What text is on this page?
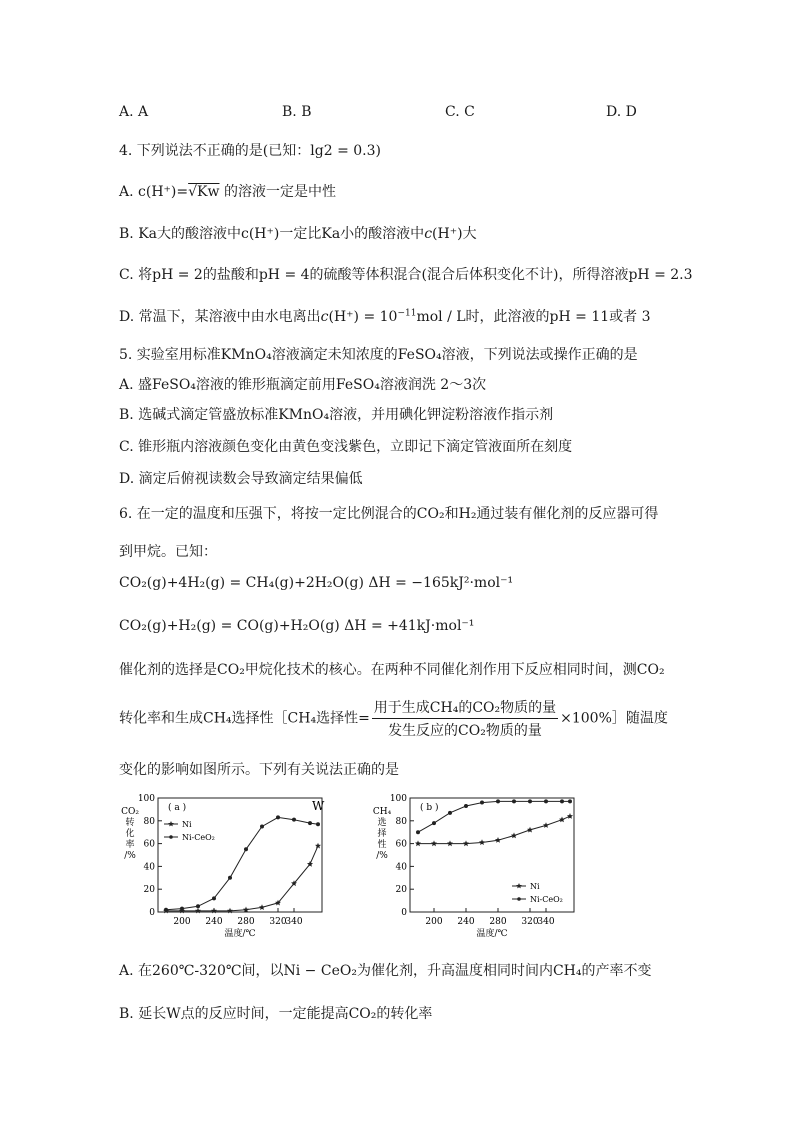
A. A	B. B	C. C	D. D
4. 下列说法不正确的是(已知：lg2 = 0.3)
A. c(H⁺)=√Kw 的溶液一定是中性
B. Ka大的酸溶液中c(H⁺)一定比Ka小的酸溶液中c(H⁺)大
C. 将pH = 2的盐酸和pH = 4的硫酸等体积混合(混合后体积变化不计)，所得溶液pH = 2.3
D. 常温下，某溶液中由水电离出$c(H^+) = 10^{-11}mol / L$时，此溶液的pH = 11或者 3
5. 实验室用标准KMnO₄溶液滴定未知浓度的FeSO₄溶液，下列说法或操作正确的是
A. 盛FeSO₄溶液的锥形瓶滴定前用FeSO₄溶液润洗 2～3次
B. 选碱式滴定管盛放标准KMnO₄溶液，并用碘化钾淀粉溶液作指示剂
C. 锥形瓶内溶液颜色变化由黄色变浅紫色，立即记下滴定管液面所在刻度
D. 滴定后俯视读数会导致滴定结果偏低
6. 在一定的温度和压强下，将按一定比例混合的CO₂和H₂通过装有催化剂的反应器可得
到甲烷。已知：
CO₂(g)+4H₂(g) = CH₄(g)+2H₂O(g) ΔH = −165kJ²·mol⁻¹
CO₂(g)+H₂(g) = CO(g)+H₂O(g) ΔH = +41kJ·mol⁻¹
催化剂的选择是CO₂甲烷化技术的核心。在两种不同催化剂作用下反应相同时间，测CO₂
转化率和生成CH₄选择性［CH₄选择性= $\frac{\text{用于生成CH₄的CO₂物质的量}}{\text{发生反应的CO₂物质的量}}$ ×100%］随温度
变化的影响如图所示。下列有关说法正确的是
0
20
40
60
80
100
200 240 280 320
340
温度/℃
CO₂
转
化
率
/%
( a )
Ni
Ni-CeO₂
W
0
20
40
60
80
100
200 240 280 320
340
温度/℃
CH₄
选
择
性
/%
( b )
Ni
Ni-CeO₂
A. 在260℃-320℃间，以Ni − CeO₂为催化剂，升高温度相同时间内CH₄的产率不变
B. 延长W点的反应时间，一定能提高CO₂的转化率
